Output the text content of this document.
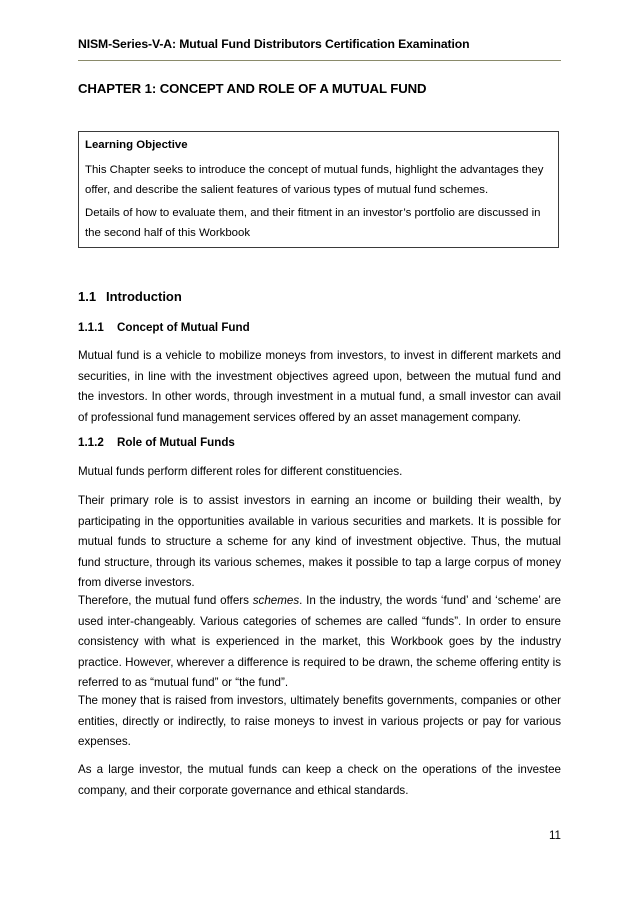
NISM-Series-V-A: Mutual Fund Distributors Certification Examination
CHAPTER 1: CONCEPT AND ROLE OF A MUTUAL FUND
Learning Objective

This Chapter seeks to introduce the concept of mutual funds, highlight the advantages they offer, and describe the salient features of various types of mutual fund schemes.

Details of how to evaluate them, and their fitment in an investor’s portfolio are discussed in the second half of this Workbook

1.1 Introduction
1.1.1 Concept of Mutual Fund

Mutual fund is a vehicle to mobilize moneys from investors, to invest in different markets and securities, in line with the investment objectives agreed upon, between the mutual fund and the investors. In other words, through investment in a mutual fund, a small investor can avail of professional fund management services offered by an asset management company.

1.1.2 Role of Mutual Funds

Mutual funds perform different roles for different constituencies.

Their primary role is to assist investors in earning an income or building their wealth, by participating in the opportunities available in various securities and markets. It is possible for mutual funds to structure a scheme for any kind of investment objective. Thus, the mutual fund structure, through its various schemes, makes it possible to tap a large corpus of money from diverse investors.

Therefore, the mutual fund offers schemes. In the industry, the words ‘fund’ and ‘scheme’ are used inter-changeably. Various categories of schemes are called “funds”. In order to ensure consistency with what is experienced in the market, this Workbook goes by the industry practice. However, wherever a difference is required to be drawn, the scheme offering entity is referred to as “mutual fund” or “the fund”.

The money that is raised from investors, ultimately benefits governments, companies or other entities, directly or indirectly, to raise moneys to invest in various projects or pay for various expenses.

As a large investor, the mutual funds can keep a check on the operations of the investee company, and their corporate governance and ethical standards.

11
